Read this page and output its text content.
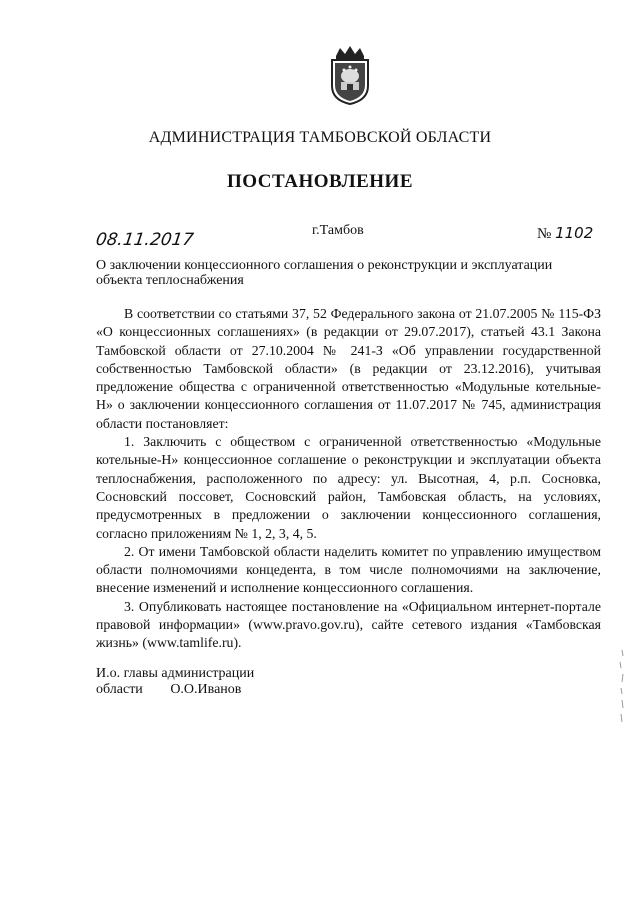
АДМИНИСТРАЦИЯ ТАМБОВСКОЙ ОБЛАСТИ
ПОСТАНОВЛЕНИЕ
08.11.2017	г.Тамбов	№ 1102
О заключении концессионного соглашения о реконструкции и эксплуатации объекта теплоснабжения

В соответствии со статьями 37, 52 Федерального закона от 21.07.2005 № 115-ФЗ «О концессионных соглашениях» (в редакции от 29.07.2017), статьей 43.1 Закона Тамбовской области от 27.10.2004 № 241-З «Об управлении государственной собственностью Тамбовской области» (в редакции от 23.12.2016), учитывая предложение общества с ограниченной ответственностью «Модульные котельные-Н» о заключении концессионного соглашения от 11.07.2017 № 745, администрация области постановляет:

1. Заключить с обществом с ограниченной ответственностью «Модульные котельные-Н» концессионное соглашение о реконструкции и эксплуатации объекта теплоснабжения, расположенного по адресу: ул. Высотная, 4, р.п. Сосновка, Сосновский поссовет, Сосновский район, Тамбовская область, на условиях, предусмотренных в предложении о заключении концессионного соглашения, согласно приложениям № 1, 2, 3, 4, 5.

2. От имени Тамбовской области наделить комитет по управлению имуществом области полномочиями концедента, в том числе полномочиями на заключение, внесение изменений и исполнение концессионного соглашения.

3. Опубликовать настоящее постановление на «Официальном интернет-портале правовой информации» (www.pravo.gov.ru), сайте сетевого издания «Тамбовская жизнь» (www.tamlife.ru).

И.о. главы администрации
области О.О.Иванов
